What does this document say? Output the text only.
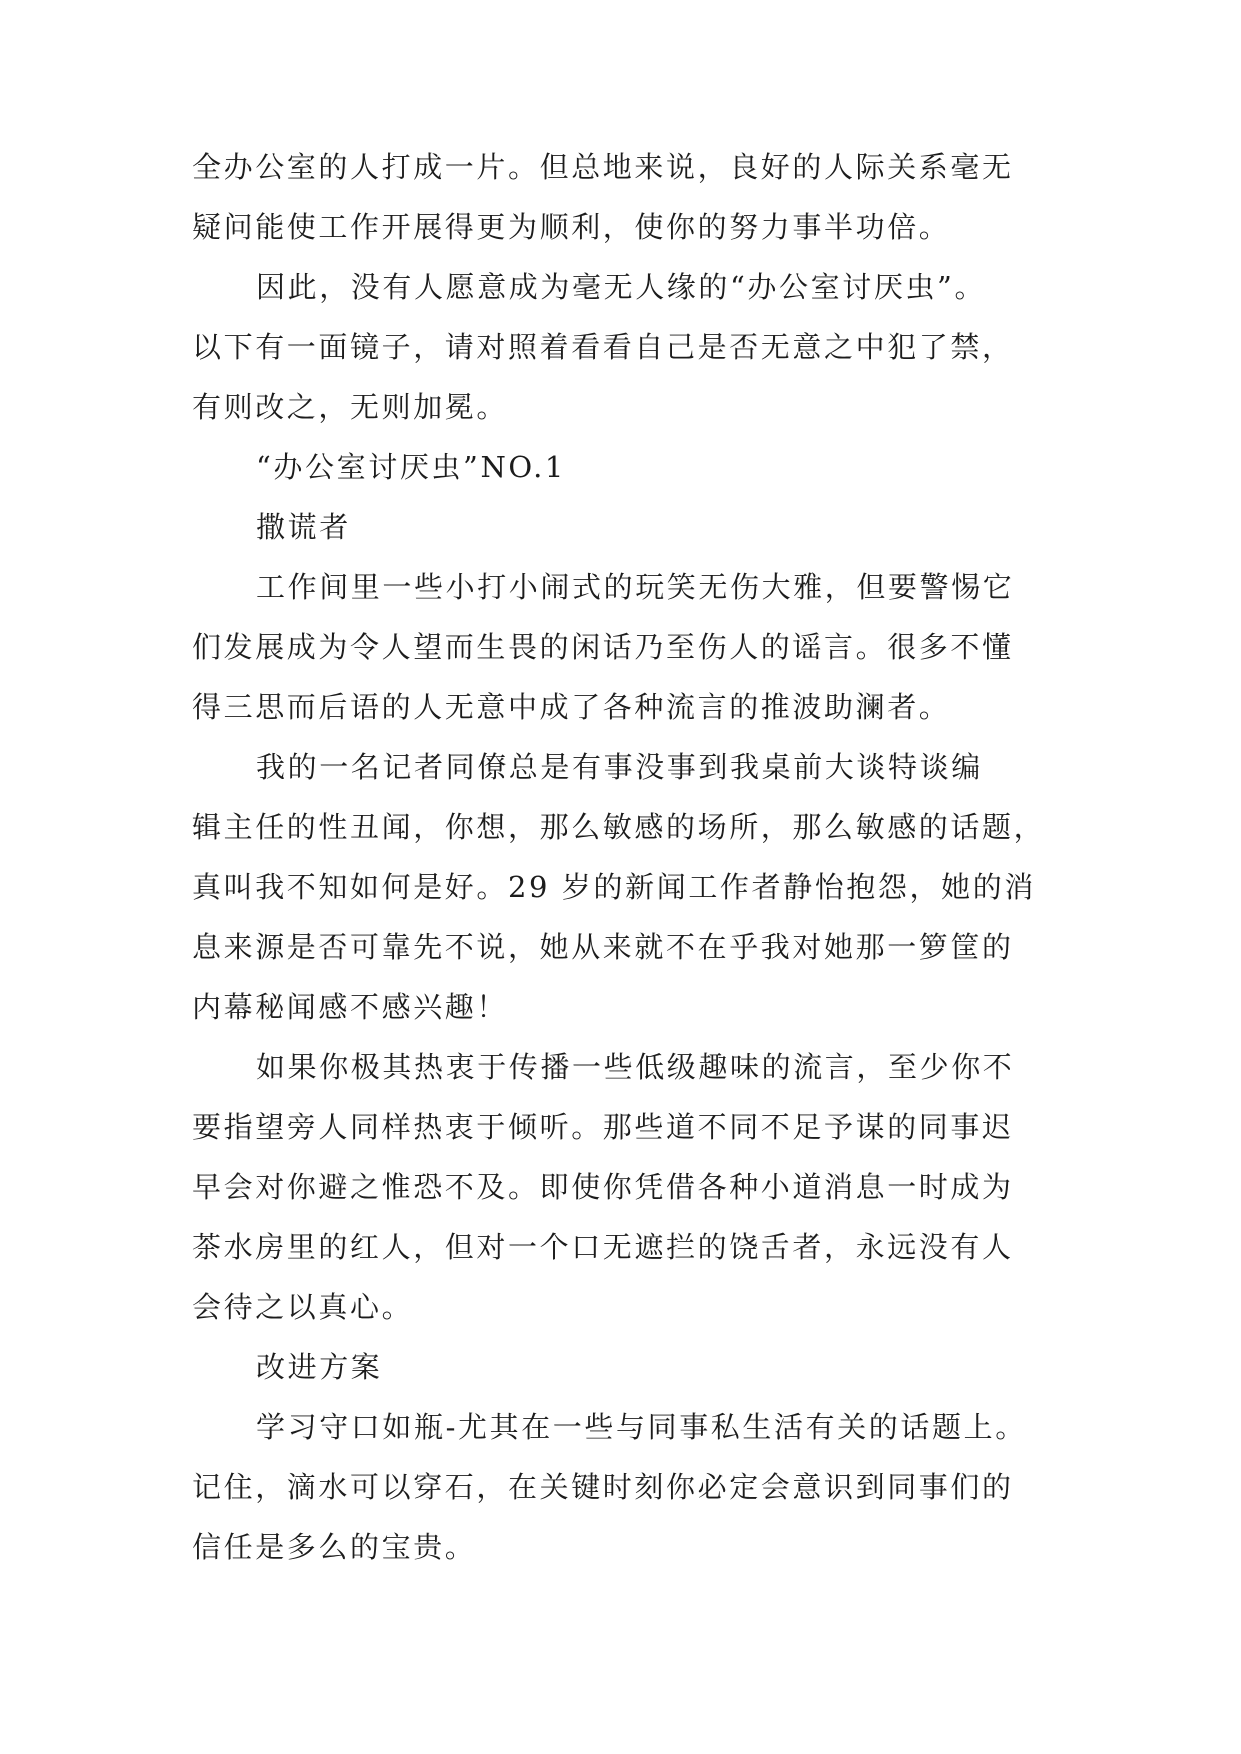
全办公室的人打成一片。但总地来说，良好的人际关系毫无
疑问能使工作开展得更为顺利，使你的努力事半功倍。
因此，没有人愿意成为毫无人缘的“办公室讨厌虫”。
以下有一面镜子，请对照着看看自己是否无意之中犯了禁，
有则改之，无则加冕。
“办公室讨厌虫”NO.1
撒谎者
工作间里一些小打小闹式的玩笑无伤大雅，但要警惕它
们发展成为令人望而生畏的闲话乃至伤人的谣言。很多不懂
得三思而后语的人无意中成了各种流言的推波助澜者。
我的一名记者同僚总是有事没事到我桌前大谈特谈编
辑主任的性丑闻，你想，那么敏感的场所，那么敏感的话题，
真叫我不知如何是好。29 岁的新闻工作者静怡抱怨，她的消
息来源是否可靠先不说，她从来就不在乎我对她那一箩筐的
内幕秘闻感不感兴趣！
如果你极其热衷于传播一些低级趣味的流言，至少你不
要指望旁人同样热衷于倾听。那些道不同不足予谋的同事迟
早会对你避之惟恐不及。即使你凭借各种小道消息一时成为
茶水房里的红人，但对一个口无遮拦的饶舌者，永远没有人
会待之以真心。
改进方案
学习守口如瓶-尤其在一些与同事私生活有关的话题上。
记住，滴水可以穿石，在关键时刻你必定会意识到同事们的
信任是多么的宝贵。
